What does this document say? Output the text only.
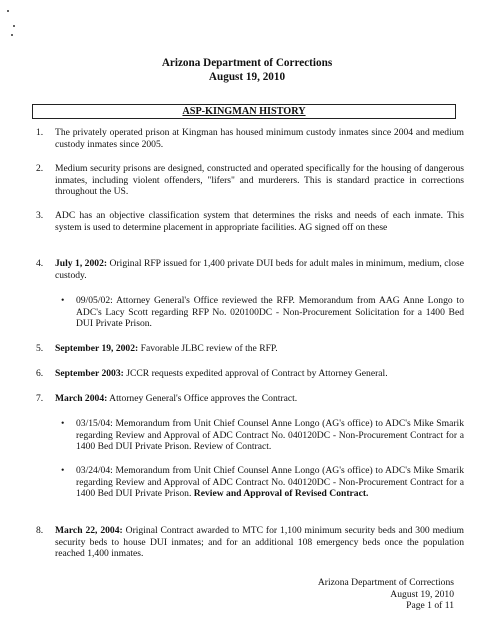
Arizona Department of Corrections
August 19, 2010
ASP-KINGMAN HISTORY
1. The privately operated prison at Kingman has housed minimum custody inmates since 2004 and medium custody inmates since 2005.
2. Medium security prisons are designed, constructed and operated specifically for the housing of dangerous inmates, including violent offenders, "lifers" and murderers. This is standard practice in corrections throughout the US.
3. ADC has an objective classification system that determines the risks and needs of each inmate. This system is used to determine placement in appropriate facilities. AG signed off on these
4. July 1, 2002: Original RFP issued for 1,400 private DUI beds for adult males in minimum, medium, close custody.
• 09/05/02: Attorney General's Office reviewed the RFP. Memorandum from AAG Anne Longo to ADC's Lacy Scott regarding RFP No. 020100DC - Non-Procurement Solicitation for a 1400 Bed DUI Private Prison.
5. September 19, 2002: Favorable JLBC review of the RFP.
6. September 2003: JCCR requests expedited approval of Contract by Attorney General.
7. March 2004: Attorney General's Office approves the Contract.
• 03/15/04: Memorandum from Unit Chief Counsel Anne Longo (AG's office) to ADC's Mike Smarik regarding Review and Approval of ADC Contract No. 040120DC - Non-Procurement Contract for a 1400 Bed DUI Private Prison. Review of Contract.
• 03/24/04: Memorandum from Unit Chief Counsel Anne Longo (AG's office) to ADC's Mike Smarik regarding Review and Approval of ADC Contract No. 040120DC - Non-Procurement Contract for a 1400 Bed DUI Private Prison. Review and Approval of Revised Contract.
8. March 22, 2004: Original Contract awarded to MTC for 1,100 minimum security beds and 300 medium security beds to house DUI inmates; and for an additional 108 emergency beds once the population reached 1,400 inmates.
Arizona Department of Corrections
August 19, 2010
Page 1 of 11
